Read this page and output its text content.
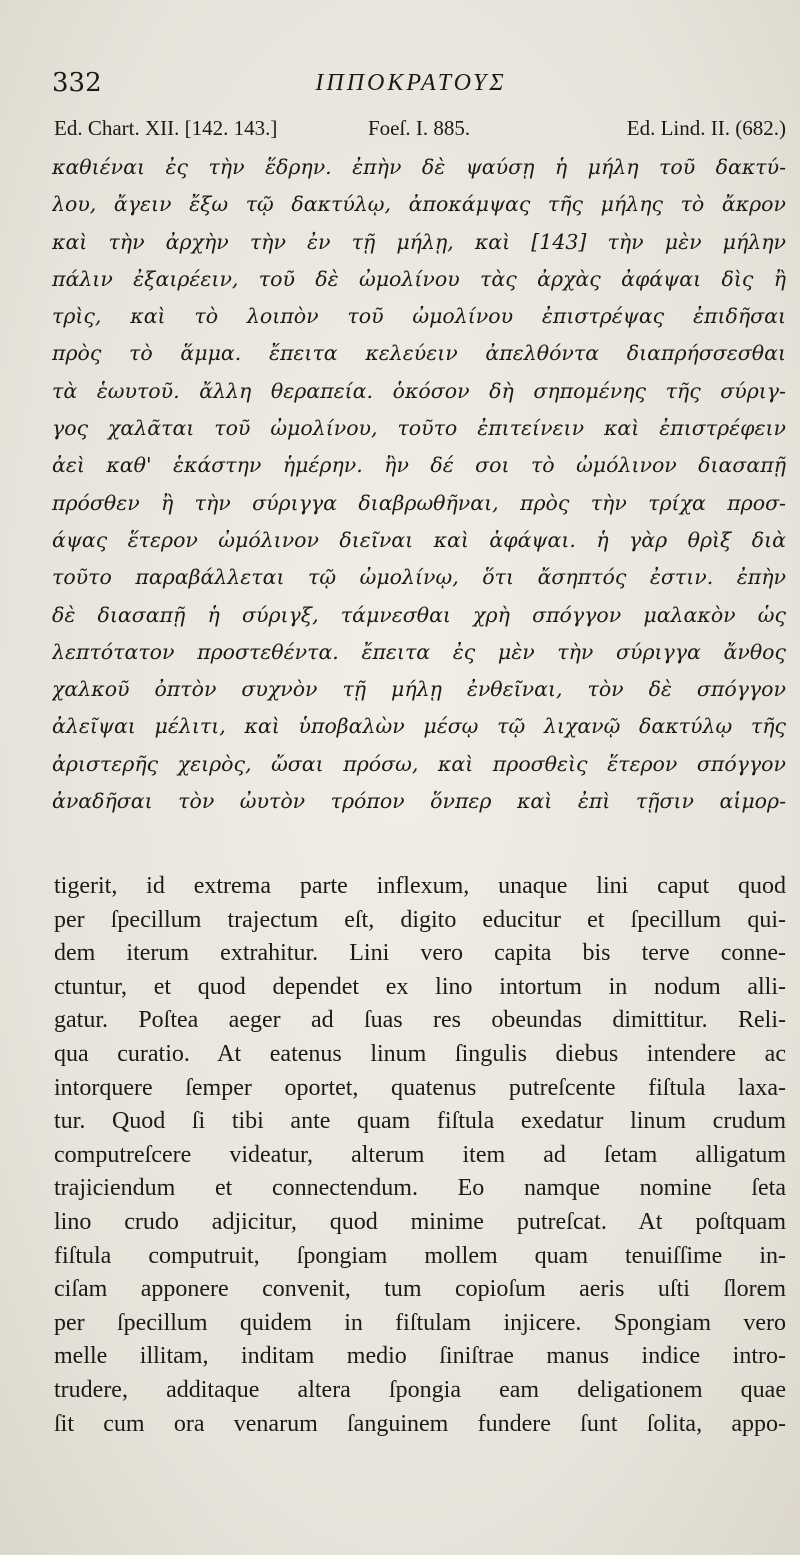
332	ΙΠΠΟΚΡΑΤΟΥΣ
Ed. Chart. XII. [142. 143.]	Foeſ. I. 885.	Ed. Lind. II. (682.)
καθιέναι ἐς τὴν ἕδρην. ἐπὴν δὲ ψαύσῃ ἡ μήλη τοῦ δακτύ-
λου, ἄγειν ἔξω τῷ δακτύλῳ, ἀποκάμψας τῆς μήλης τὸ ἄκρον
καὶ τὴν ἀρχὴν τὴν ἐν τῇ μήλῃ, καὶ [143] τὴν μὲν μήλην
πάλιν ἐξαιρέειν, τοῦ δὲ ὠμολίνου τὰς ἀρχὰς ἀφάψαι δὶς ἢ
τρὶς, καὶ τὸ λοιπὸν τοῦ ὠμολίνου ἐπιστρέψας ἐπιδῆσαι
πρὸς τὸ ἅμμα. ἔπειτα κελεύειν ἀπελθόντα διαπρήσσεσθαι
τὰ ἑωυτοῦ. ἄλλη θεραπεία. ὁκόσον δὴ σηπομένης τῆς σύριγ-
γος χαλᾶται τοῦ ὠμολίνου, τοῦτο ἐπιτείνειν καὶ ἐπιστρέφειν
ἀεὶ καθ' ἑκάστην ἡμέρην. ἢν δέ σοι τὸ ὠμόλινον διασαπῇ
πρόσθεν ἢ τὴν σύριγγα διαβρωθῆναι, πρὸς τὴν τρίχα προσ-
άψας ἕτερον ὠμόλινον διεῖναι καὶ ἀφάψαι. ἡ γὰρ θρὶξ διὰ
τοῦτο παραβάλλεται τῷ ὠμολίνῳ, ὅτι ἄσηπτός ἐστιν. ἐπὴν
δὲ διασαπῇ ἡ σύριγξ, τάμνεσθαι χρὴ σπόγγον μαλακὸν ὡς
λεπτότατον προστεθέντα. ἔπειτα ἐς μὲν τὴν σύριγγα ἄνθος
χαλκοῦ ὀπτὸν συχνὸν τῇ μήλῃ ἐνθεῖναι, τὸν δὲ σπόγγον
ἀλεῖψαι μέλιτι, καὶ ὑποβαλὼν μέσῳ τῷ λιχανῷ δακτύλῳ τῆς
ἀριστερῆς χειρὸς, ὤσαι πρόσω, καὶ προσθεὶς ἕτερον σπόγγον
ἀναδῆσαι τὸν ὠυτὸν τρόπον ὅνπερ καὶ ἐπὶ τῇσιν αἱμορ-
tigerit, id extrema parte inflexum, unaque lini caput quod
per ſpecillum trajectum eſt, digito educitur et ſpecillum qui-
dem iterum extrahitur. Lini vero capita bis terve conne-
ctuntur, et quod dependet ex lino intortum in nodum alli-
gatur. Poſtea aeger ad ſuas res obeundas dimittitur. Reli-
qua curatio. At eatenus linum ſingulis diebus intendere ac
intorquere ſemper oportet, quatenus putreſcente fiſtula laxa-
tur. Quod ſi tibi ante quam fiſtula exedatur linum crudum
computreſcere videatur, alterum item ad ſetam alligatum
trajiciendum et connectendum. Eo namque nomine ſeta
lino crudo adjicitur, quod minime putreſcat. At poſtquam
fiſtula computruit, ſpongiam mollem quam tenuiſſime in-
ciſam apponere convenit, tum copioſum aeris uſti ſlorem
per ſpecillum quidem in fiſtulam injicere. Spongiam vero
melle illitam, inditam medio ſiniſtrae manus indice intro-
trudere, additaque altera ſpongia eam deligationem quae
ſit cum ora venarum ſanguinem fundere ſunt ſolita, appo-
